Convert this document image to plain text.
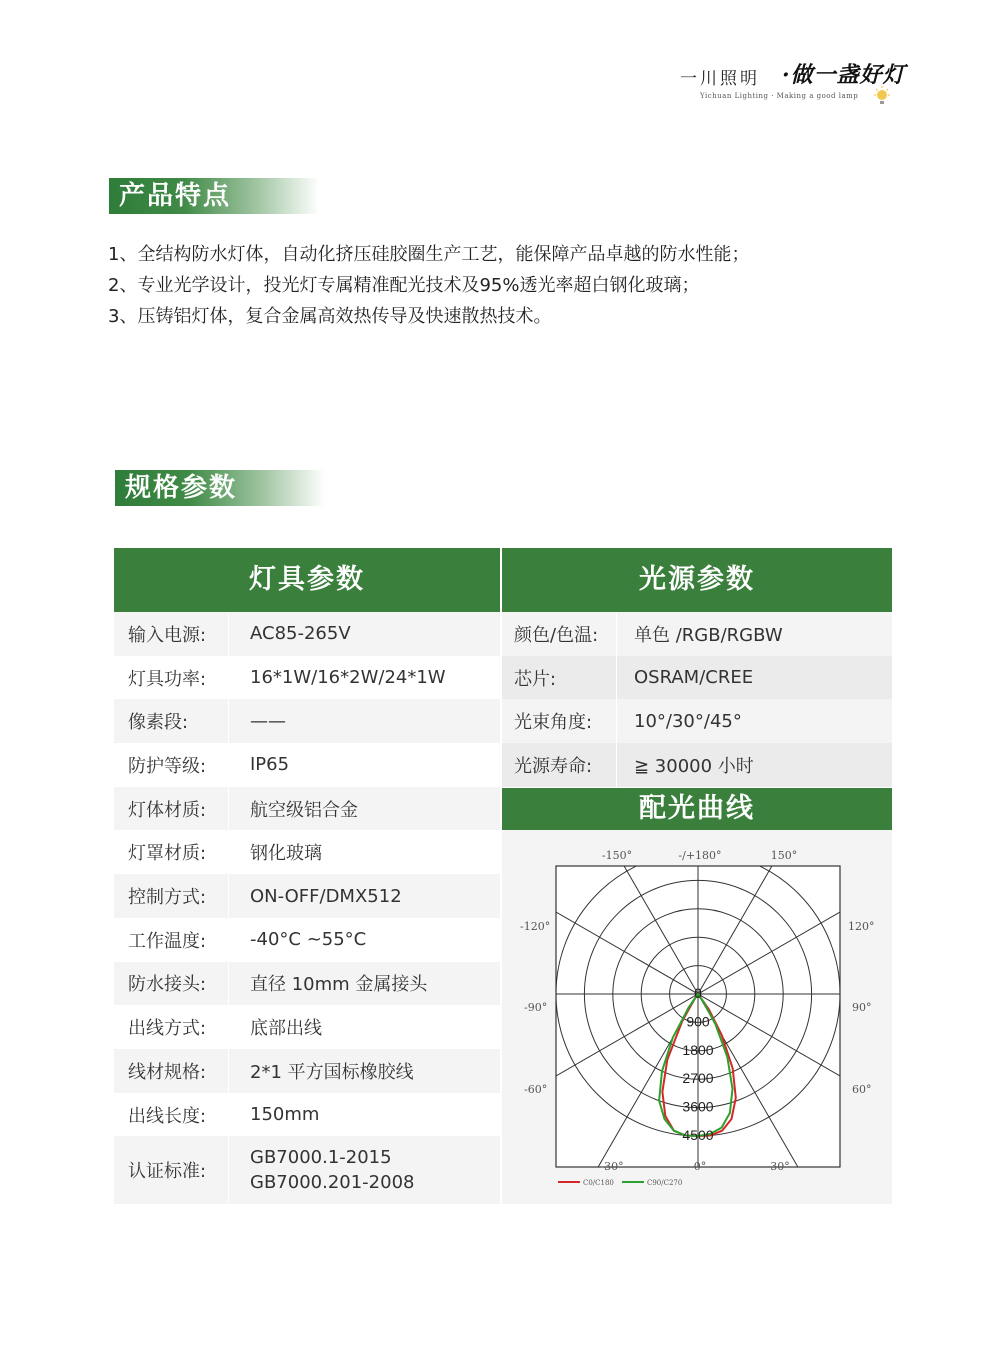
一川照明 ·做一盏好灯
Yichuan Lighting · Making a good lamp
产品特点
1、全结构防水灯体，自动化挤压硅胶圈生产工艺，能保障产品卓越的防水性能；
2、专业光学设计，投光灯专属精准配光技术及95%透光率超白钢化玻璃；
3、压铸铝灯体，复合金属高效热传导及快速散热技术。
规格参数
灯具参数	光源参数
输入电源: AC85-265V
灯具功率: 16*1W/16*2W/24*1W
像素段:	——
防护等级: IP65
灯体材质: 航空级铝合金
灯罩材质: 钢化玻璃
控制方式: ON-OFF/DMX512
工作温度: -40°C ~55°C
防水接头: 直径 10mm 金属接头
出线方式: 底部出线
线材规格: 2*1 平方国标橡胶线
出线长度: 150mm
认证标准:
GB7000.1-2015
GB7000.201-2008
颜色/色温: 单色 /RGB/RGBW
芯片:	OSRAM/CREE
光束角度: 10°/30°/45°
光源寿命: ≧ 30000 小时
配光曲线
0
900
1800
2700
3600
4500
-150°	-/+180°	150°
-120°	120°
-90°	90°
-60°	60°
-30°	0°	30°
C0/C180	C90/C270
